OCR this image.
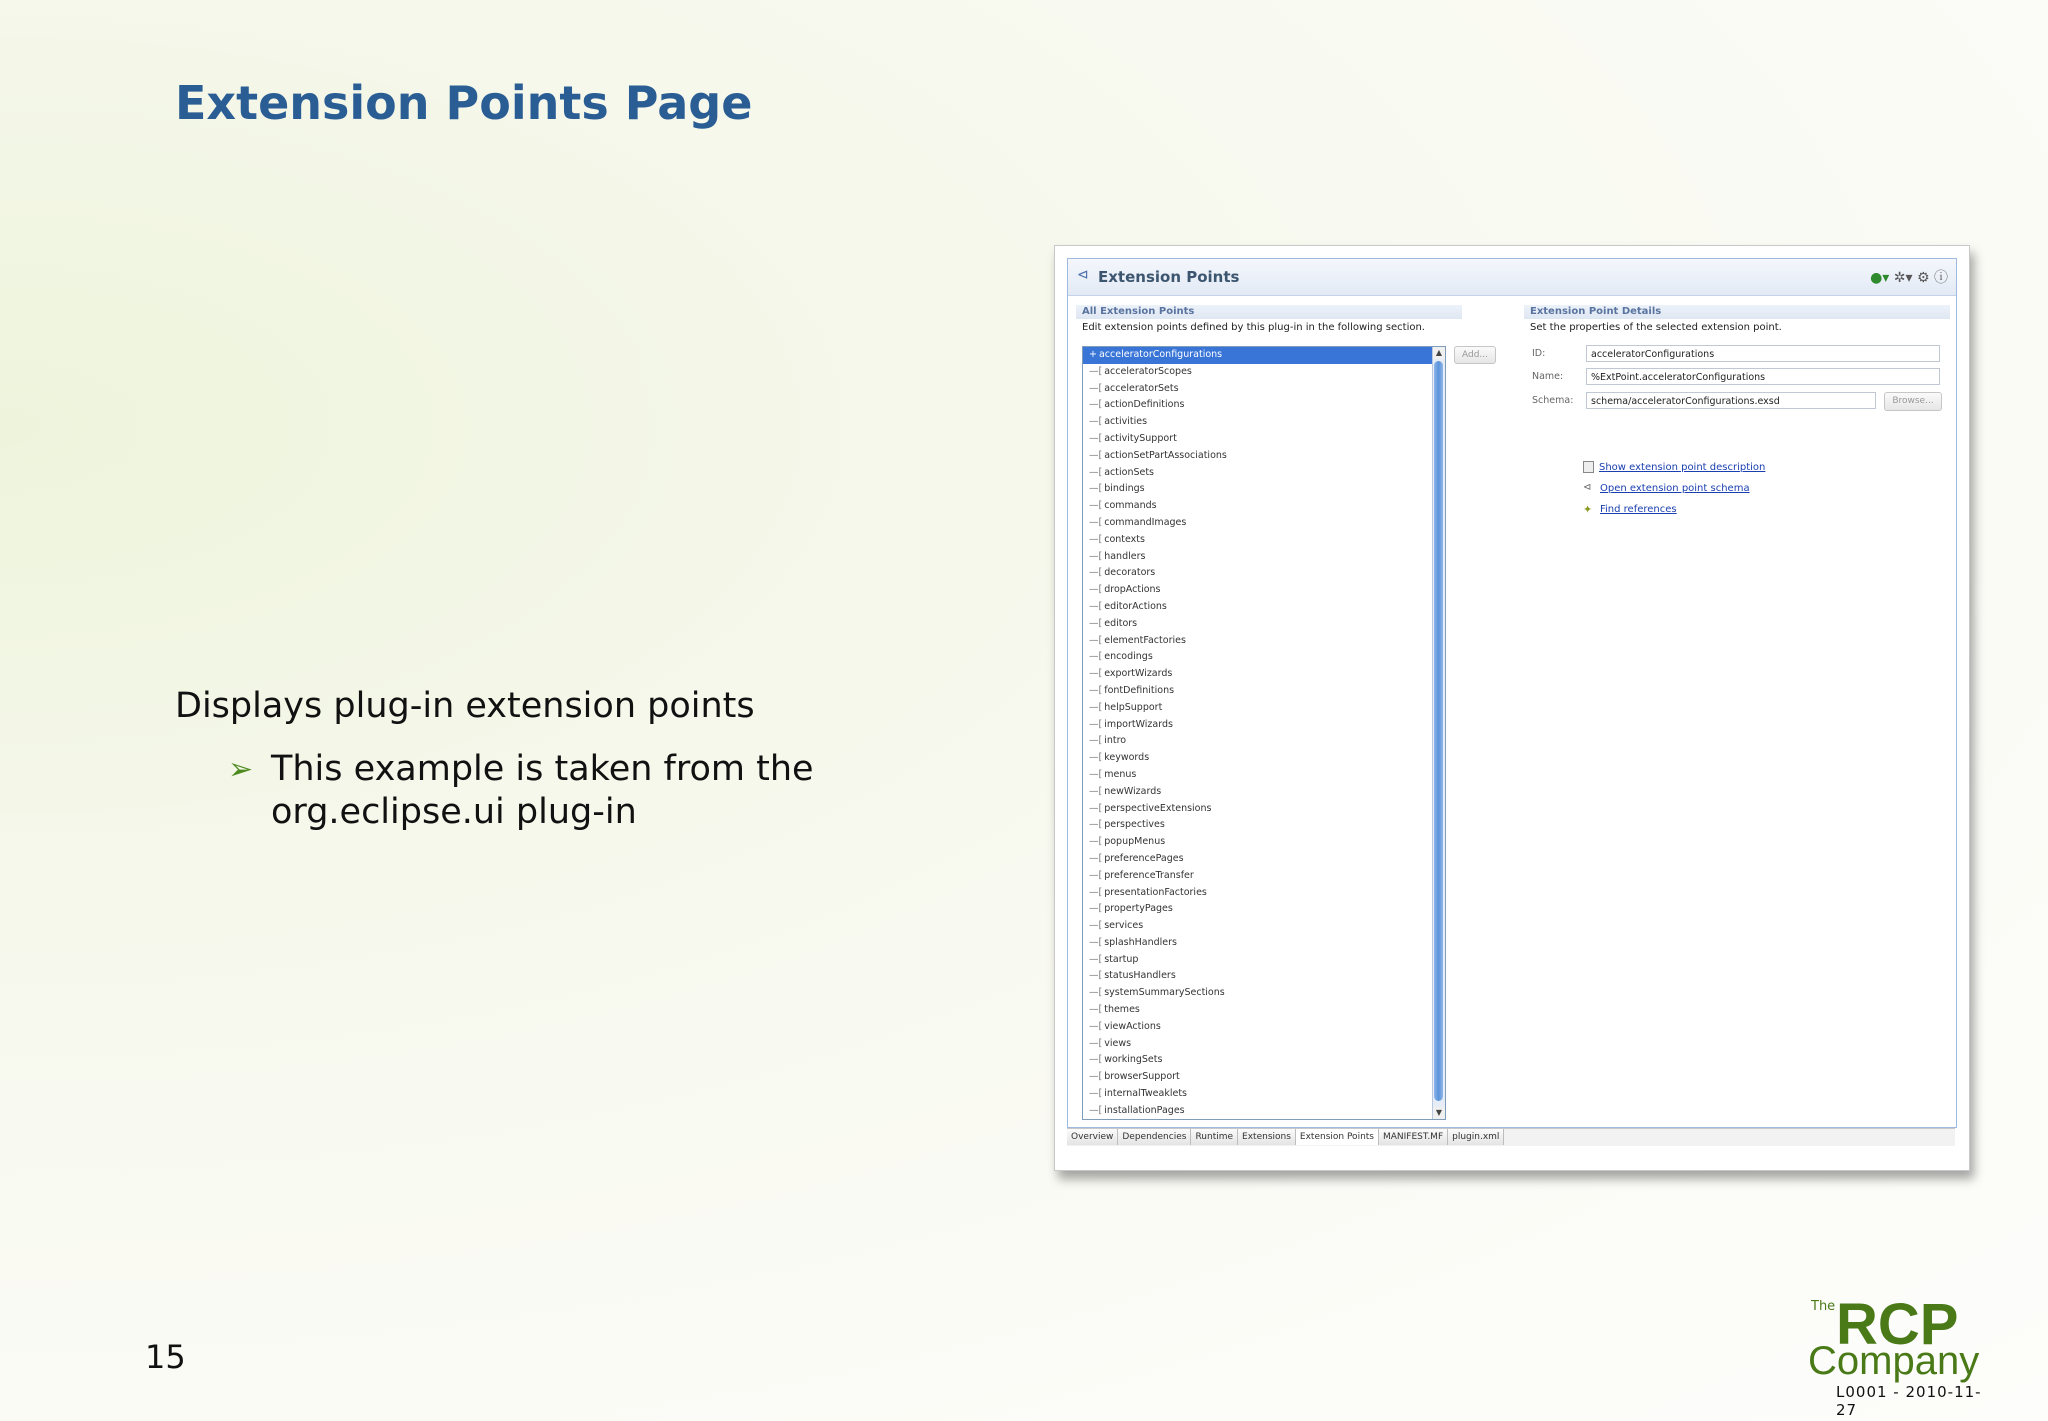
Extension Points Page
Displays plug-in extension points
➢ This example is taken from the org.eclipse.ui plug-in
15
The RCP
Company
L0001 - 2010-11-27
⊲ Extension Points	●▾ ✲▾ ⚙ ⓘ
All Extension Points
Edit extension points defined by this plug-in in the following section.
+ acceleratorConfigurations
—[ acceleratorScopes
—[ acceleratorSets
—[ actionDefinitions
—[ activities
—[ activitySupport
—[ actionSetPartAssociations
—[ actionSets
—[ bindings
—[ commands
—[ commandImages
—[ contexts
—[ handlers
—[ decorators
—[ dropActions
—[ editorActions
—[ editors
—[ elementFactories
—[ encodings
—[ exportWizards
—[ fontDefinitions
—[ helpSupport
—[ importWizards
—[ intro
—[ keywords
—[ menus
—[ newWizards
—[ perspectiveExtensions
—[ perspectives
—[ popupMenus
—[ preferencePages
—[ preferenceTransfer
—[ presentationFactories
—[ propertyPages
—[ services
—[ splashHandlers
—[ startup
—[ statusHandlers
—[ systemSummarySections
—[ themes
—[ viewActions
—[ views
—[ workingSets
—[ browserSupport
—[ internalTweaklets
—[ installationPages
▲
▼
Add...
Extension Point Details
Set the properties of the selected extension point.
ID:	acceleratorConfigurations
Name:	%ExtPoint.acceleratorConfigurations
Schema:	schema/acceleratorConfigurations.exsd	Browse...
Show extension point description
⊲ Open extension point schema
✦ Find references
Overview Dependencies Runtime Extensions Extension Points MANIFEST.MF plugin.xml
